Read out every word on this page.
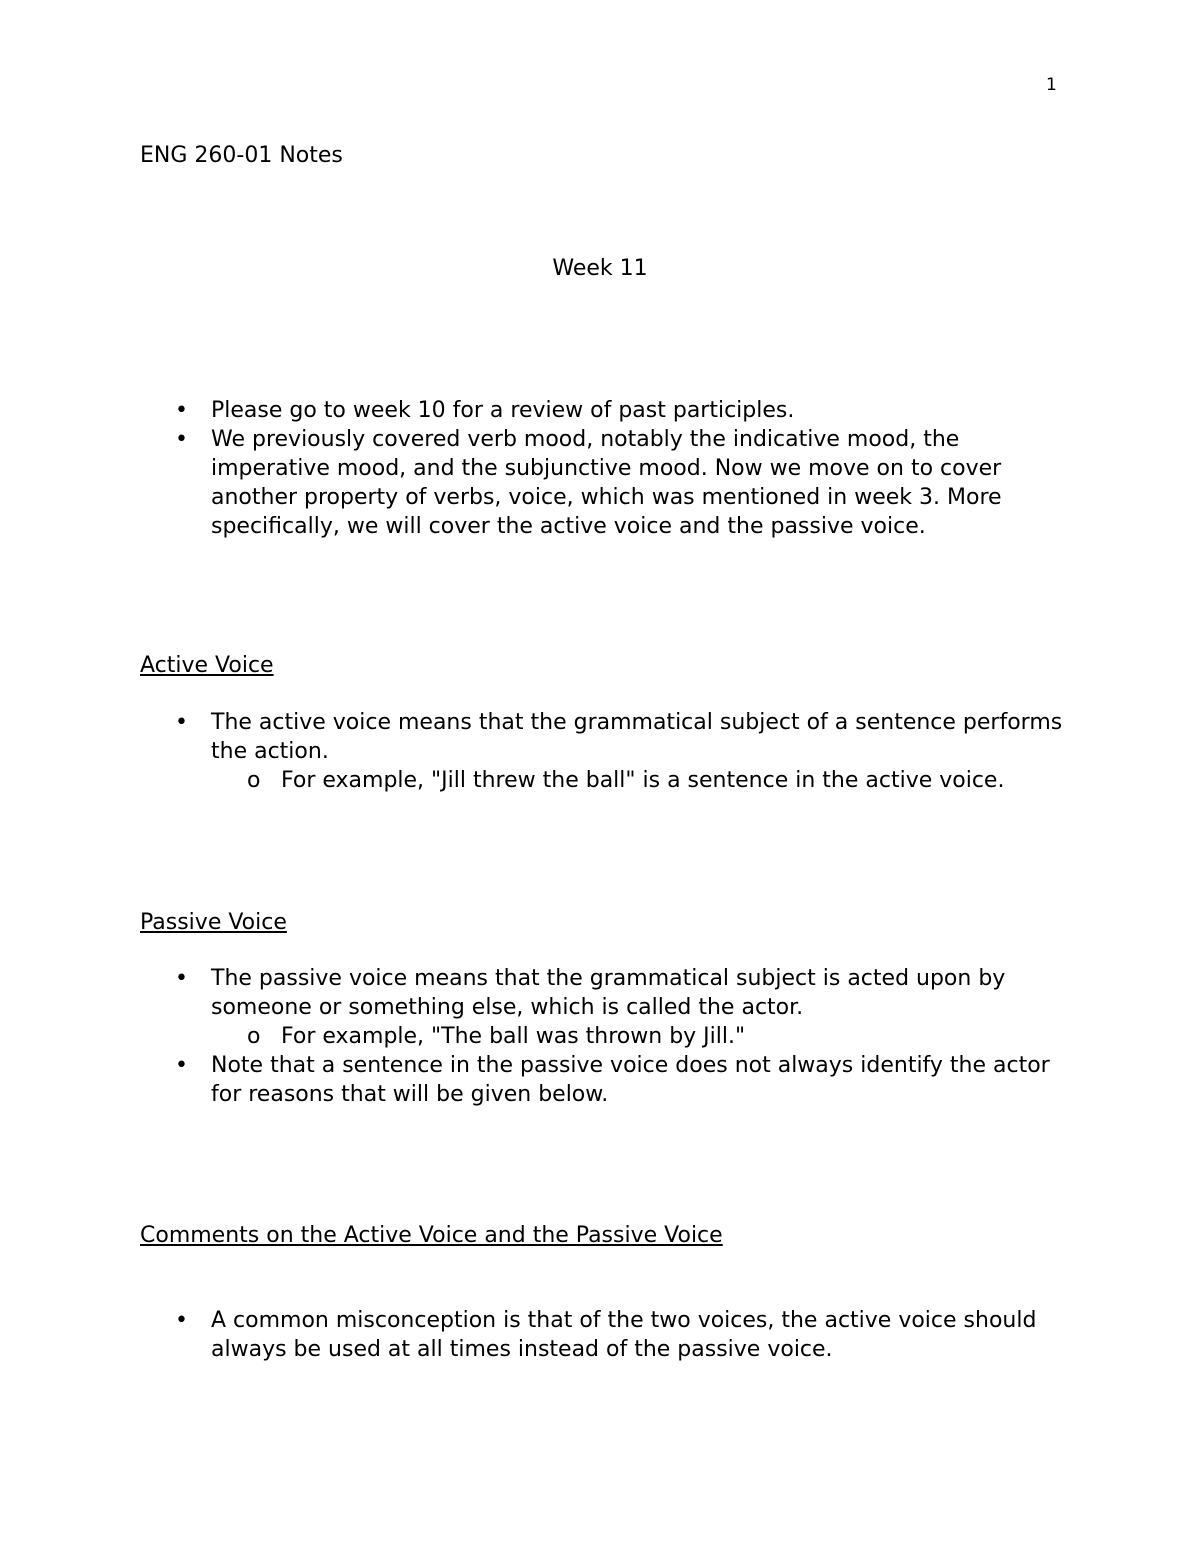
1
ENG 260-01 Notes
Week 11
• Please go to week 10 for a review of past participles.
• We previously covered verb mood, notably the indicative mood, the imperative mood, and the subjunctive mood. Now we move on to cover another property of verbs, voice, which was mentioned in week 3. More specifically, we will cover the active voice and the passive voice.
Active Voice
• The active voice means that the grammatical subject of a sentence performs the action.
o For example, "Jill threw the ball" is a sentence in the active voice.
Passive Voice
• The passive voice means that the grammatical subject is acted upon by someone or something else, which is called the actor.
o For example, "The ball was thrown by Jill."
• Note that a sentence in the passive voice does not always identify the actor for reasons that will be given below.
Comments on the Active Voice and the Passive Voice
• A common misconception is that of the two voices, the active voice should always be used at all times instead of the passive voice.
